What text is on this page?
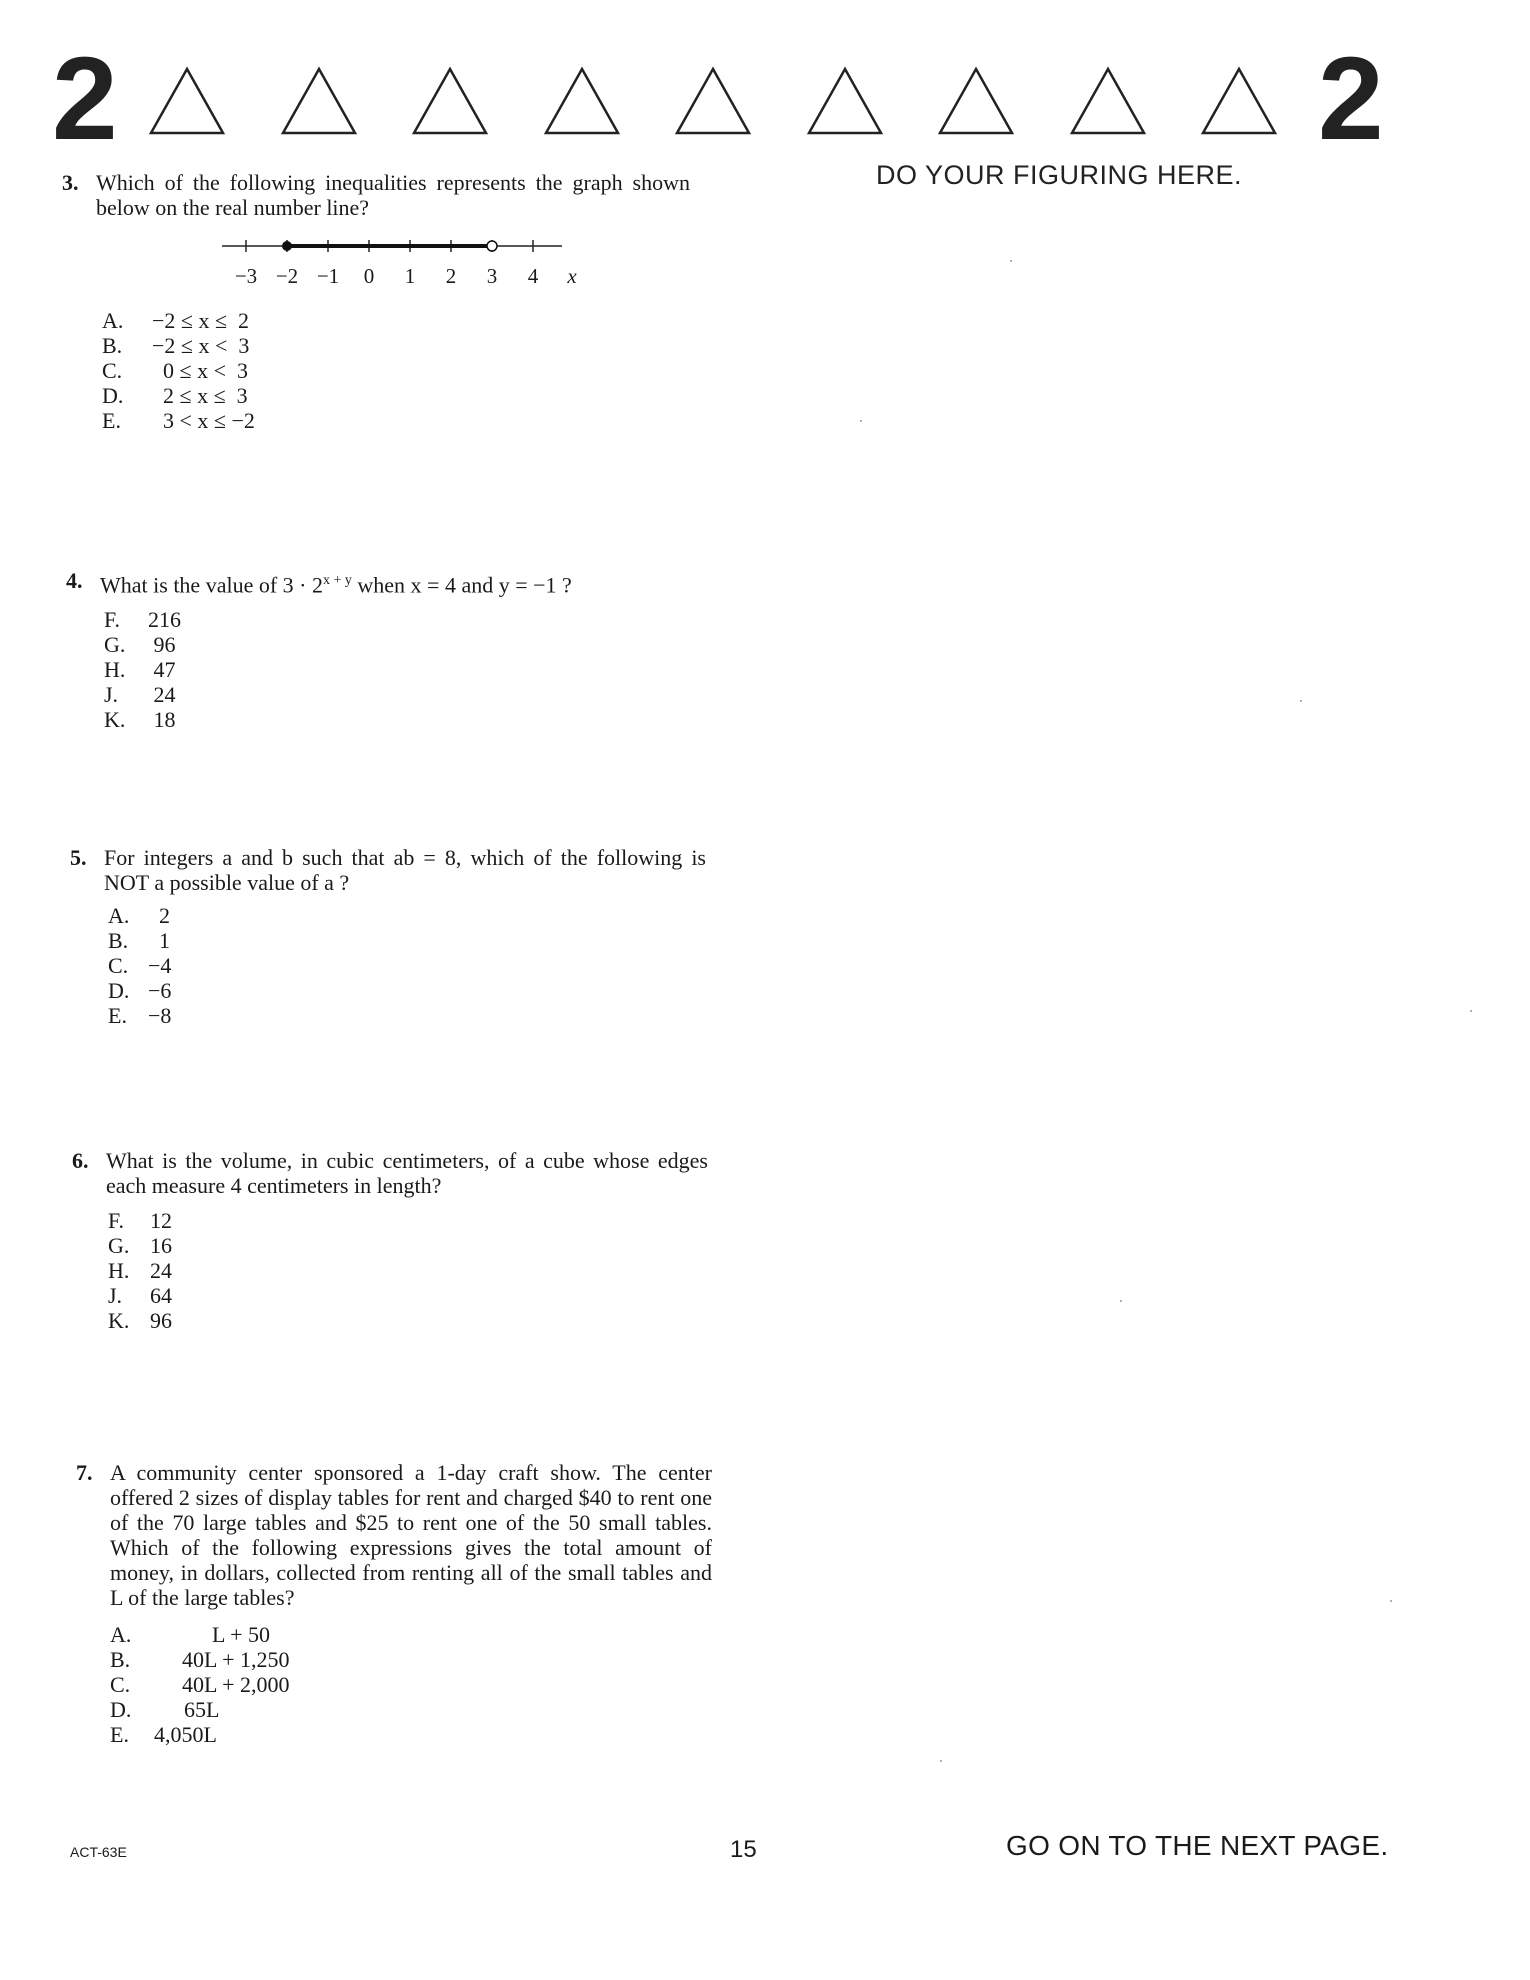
2	2
DO YOUR FIGURING HERE.
3. Which of the following inequalities represents the graph shown below on the real number line?
−3 −2 −1 0 1 2 3 4 x
A. −2 ≤ x ≤  2
B. −2 ≤ x <  3
C.  0 ≤ x <  3
D.  2 ≤ x ≤  3
E.  3 < x ≤ −2
4. What is the value of $3 \cdot 2^{x + y}$ when x = 4 and y = −1 ?
F. 216
G. 96
H. 47
J. 24
K. 18
5. For integers a and b such that ab = 8, which of the following is NOT a possible value of a ?
A.  2
B.  1
C. −4
D. −6
E. −8
6. What is the volume, in cubic centimeters, of a cube whose edges each measure 4 centimeters in length?
F. 12
G. 16
H. 24
J. 64
K. 96
7. A community center sponsored a 1-day craft show. The center offered 2 sizes of display tables for rent and charged $40 to rent one of the 70 large tables and $25 to rent one of the 50 small tables. Which of the following expressions gives the total amount of money, in dollars, collected from renting all of the small tables and L of the large tables?
A.	L + 50
B. 40L + 1,250
C. 40L + 2,000
D. 65L
E. 4,050L
ACT-63E	15	GO ON TO THE NEXT PAGE.
